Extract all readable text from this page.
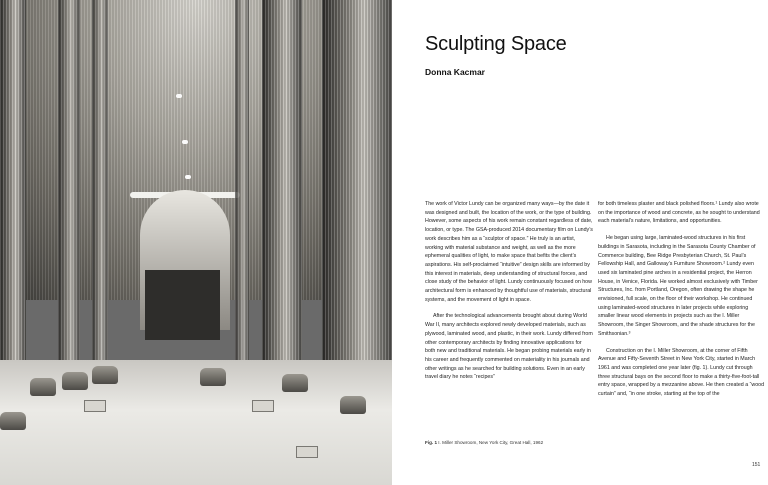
Sculpting Space

Donna Kacmar

The work of Victor Lundy can be organized many ways—by the date it was designed and built, the location of the work, or the type of building. However, some aspects of his work remain constant regardless of date, location, or type. The GSA-produced 2014 documentary film on Lundy’s work describes him as a “sculptor of space.” He truly is an artist, working with material substance and weight, as well as the more ephemeral qualities of light, to make space that befits the client’s aspirations. His self-proclaimed “intuitive” design skills are informed by this interest in materials, deep understanding of structural forces, and close study of the behavior of light. Lundy continuously focused on how architectural form is enhanced by thoughtful use of materials, structural systems, and the movement of light in space.

After the technological advancements brought about during World War II, many architects explored newly developed materials, such as plywood, laminated wood, and plastic, in their work. Lundy differed from other contemporary architects by finding innovative applications for both new and traditional materials. He began probing materials early in his career and frequently commented on materiality in his journals and other writings as he searched for building solutions. Even in an early travel diary he notes “recipes”

for both timeless plaster and black polished floors.¹ Lundy also wrote on the importance of wood and concrete, as he sought to understand each material’s nature, limitations, and opportunities.

He began using large, laminated-wood structures in his first buildings in Sarasota, including in the Sarasota County Chamber of Commerce building, Bee Ridge Presbyterian Church, St. Paul’s Fellowship Hall, and Galloway’s Furniture Showroom.² Lundy even used six laminated pine arches in a residential project, the Herron House, in Venice, Florida. He worked almost exclusively with Timber Structures, Inc. from Portland, Oregon, often drawing the shape he envisioned, full scale, on the floor of their workshop. He continued using laminated-wood structures in later projects while exploring smaller linear wood elements in projects such as the I. Miller Showroom, the Singer Showroom, and the shade structures for the Smithsonian.³

Construction on the I. Miller Showroom, at the corner of Fifth Avenue and Fifty-Seventh Street in New York City, started in March 1961 and was completed one year later (fig. 1). Lundy cut through three structural bays on the second floor to make a thirty-five-foot-tall entry space, wrapped by a mezzanine above. He then created a “wood curtain” and, “in one stroke, starting at the top of the

Fig. 1 I. Miller Showroom, New York City, Great Hall, 1962
151
